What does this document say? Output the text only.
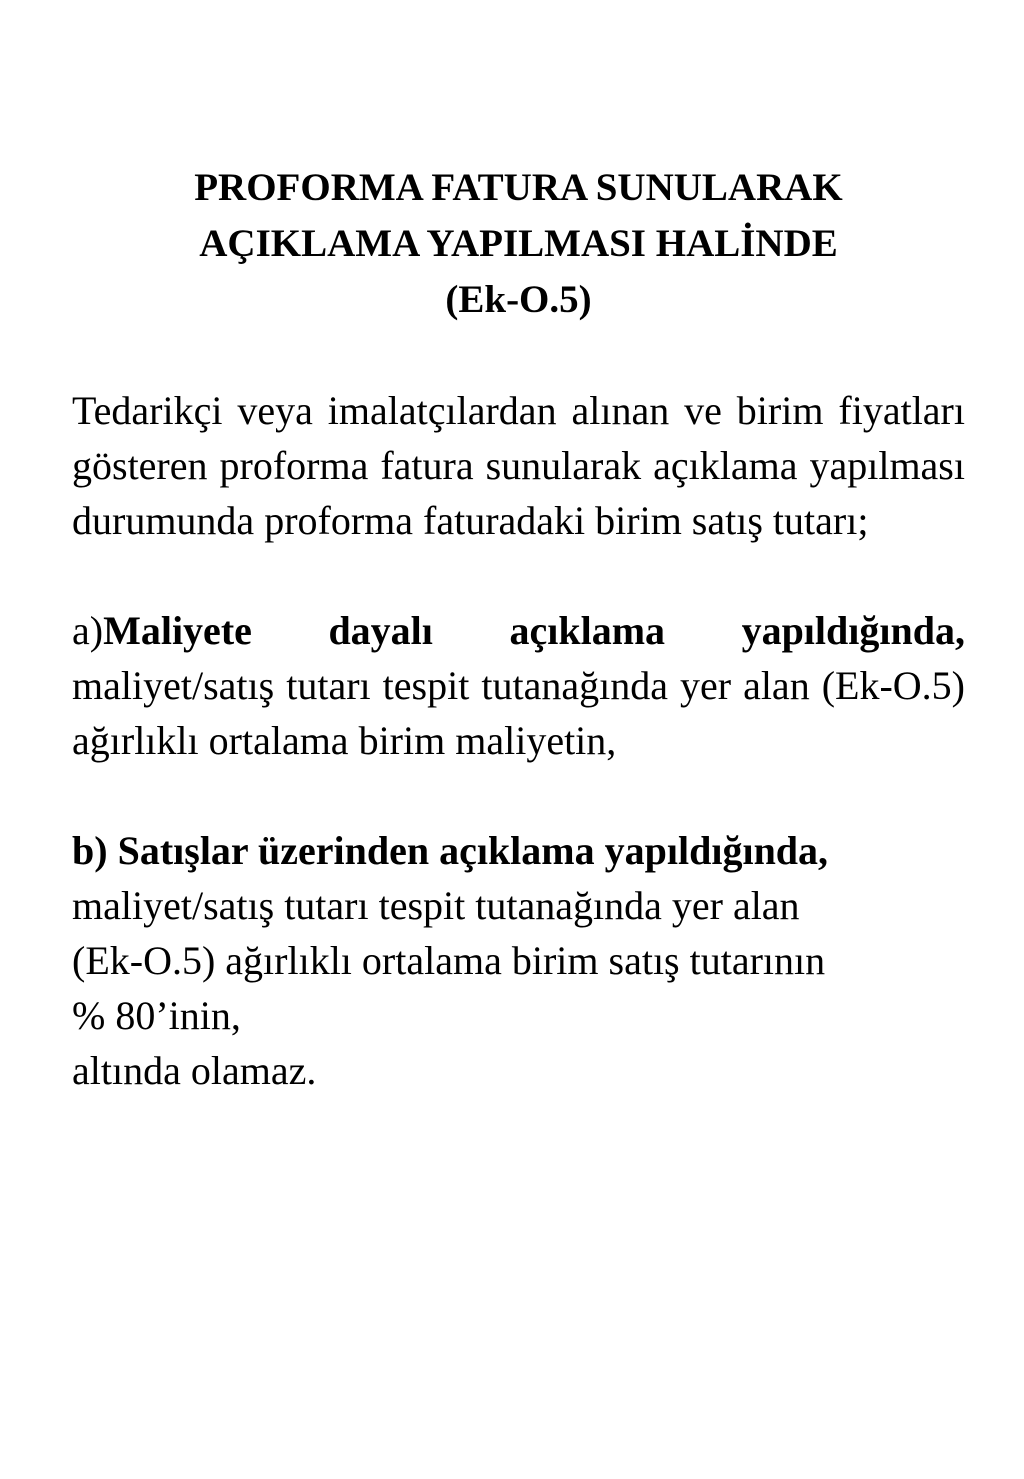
PROFORMA FATURA SUNULARAK
AÇIKLAMA YAPILMASI HALİNDE
(Ek-O.5)

Tedarikçi veya imalatçılardan alınan ve birim fiyatları gösteren proforma fatura sunularak açıklama yapılması durumunda proforma faturadaki birim satış tutarı;

a)Maliyete dayalı açıklama yapıldığında, maliyet/satış tutarı tespit tutanağında yer alan (Ek-O.5) ağırlıklı ortalama birim maliyetin,

b) Satışlar üzerinden açıklama yapıldığında,
maliyet/satış tutarı tespit tutanağında yer alan
(Ek-O.5) ağırlıklı ortalama birim satış tutarının
% 80’inin,
altında olamaz.
